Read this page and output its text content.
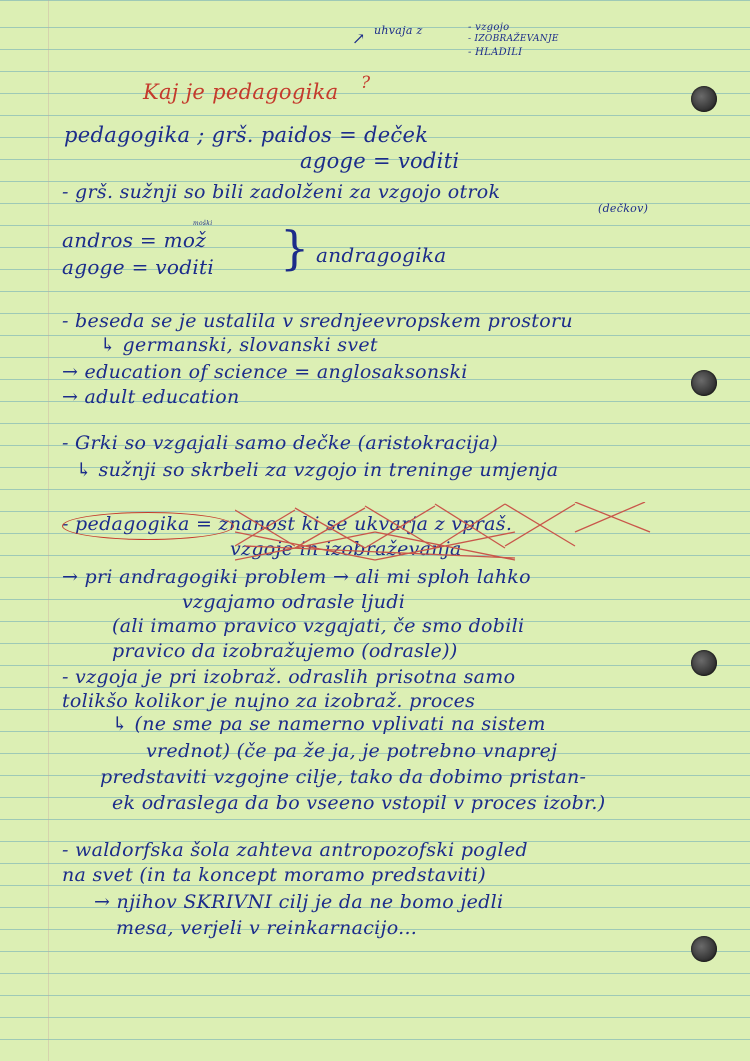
↗ uhvaja z	- vzgojo

- IZOBRAŽEVANJE

- HLADILI

Kaj je pedagogika ?

pedagogika ; grš. paidos = deček

agoge = voditi

- grš. sužnji so bili zadolženi za vzgojo otrok

(dečkov)

andros = mož

moški

agoge = voditi } andragogika

- beseda se je ustalila v srednjeevropskem prostoru

↳ germanski, slovanski svet

→ education of science = anglosaksonski

→ adult education

- Grki so vzgajali samo dečke (aristokracija)

↳ sužnji so skrbeli za vzgojo in treninge umjenja

- pedagogika = znanost ki se ukvarja z vpraš.

vzgoje in izobraževanja

→ pri andragogiki problem → ali mi sploh lahko

vzgajamo odrasle ljudi

(ali imamo pravico vzgajati, če smo dobili

pravico da izobražujemo (odrasle))

- vzgoja je pri izobraž. odraslih prisotna samo

tolikšo kolikor je nujno za izobraž. proces

↳ (ne sme pa se namerno vplivati na sistem

vrednot) (če pa že ja, je potrebno vnaprej

predstaviti vzgojne cilje, tako da dobimo pristan-

ek odraslega da bo vseeno vstopil v proces izobr.)

- waldorfska šola zahteva antropozofski pogled

na svet (in ta koncept moramo predstaviti)

→ njihov SKRIVNI cilj je da ne bomo jedli

mesa, verjeli v reinkarnacijo...
